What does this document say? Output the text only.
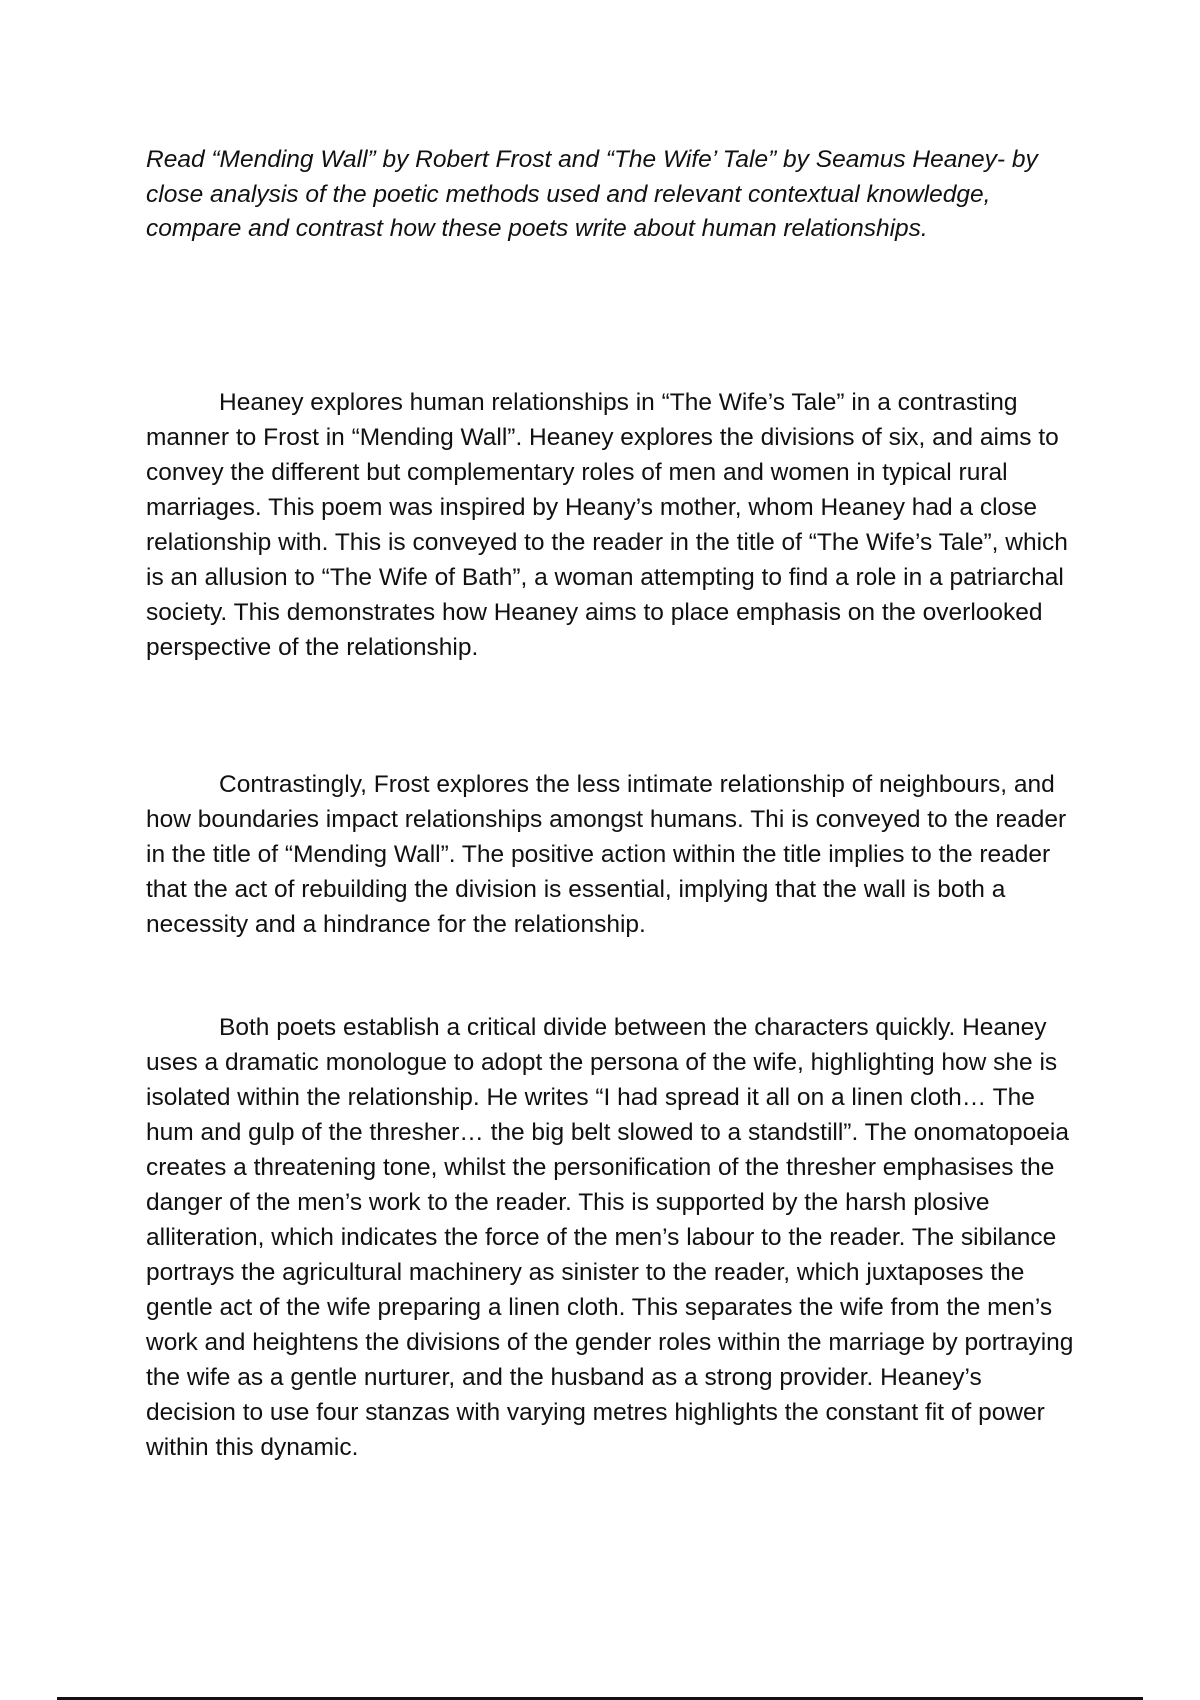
Read “Mending Wall” by Robert Frost and “The Wife’ Tale” by Seamus Heaney- by close analysis of the poetic methods used and relevant contextual knowledge, compare and contrast how these poets write about human relationships.

Heaney explores human relationships in “The Wife’s Tale” in a contrasting manner to Frost in “Mending Wall”. Heaney explores the divisions of six, and aims to convey the different but complementary roles of men and women in typical rural marriages. This poem was inspired by Heany’s mother, whom Heaney had a close relationship with. This is conveyed to the reader in the title of “The Wife’s Tale”, which is an allusion to “The Wife of Bath”, a woman attempting to find a role in a patriarchal society. This demonstrates how Heaney aims to place emphasis on the overlooked perspective of the relationship.

Contrastingly, Frost explores the less intimate relationship of neighbours, and how boundaries impact relationships amongst humans. Thi is conveyed to the reader in the title of “Mending Wall”. The positive action within the title implies to the reader that the act of rebuilding the division is essential, implying that the wall is both a necessity and a hindrance for the relationship.

Both poets establish a critical divide between the characters quickly. Heaney uses a dramatic monologue to adopt the persona of the wife, highlighting how she is isolated within the relationship. He writes “I had spread it all on a linen cloth… The hum and gulp of the thresher… the big belt slowed to a standstill”. The onomatopoeia creates a threatening tone, whilst the personification of the thresher emphasises the danger of the men’s work to the reader. This is supported by the harsh plosive alliteration, which indicates the force of the men’s labour to the reader. The sibilance portrays the agricultural machinery as sinister to the reader, which juxtaposes the gentle act of the wife preparing a linen cloth. This separates the wife from the men’s work and heightens the divisions of the gender roles within the marriage by portraying the wife as a gentle nurturer, and the husband as a strong provider. Heaney’s decision to use four stanzas with varying metres highlights the constant fit of power within this dynamic.
